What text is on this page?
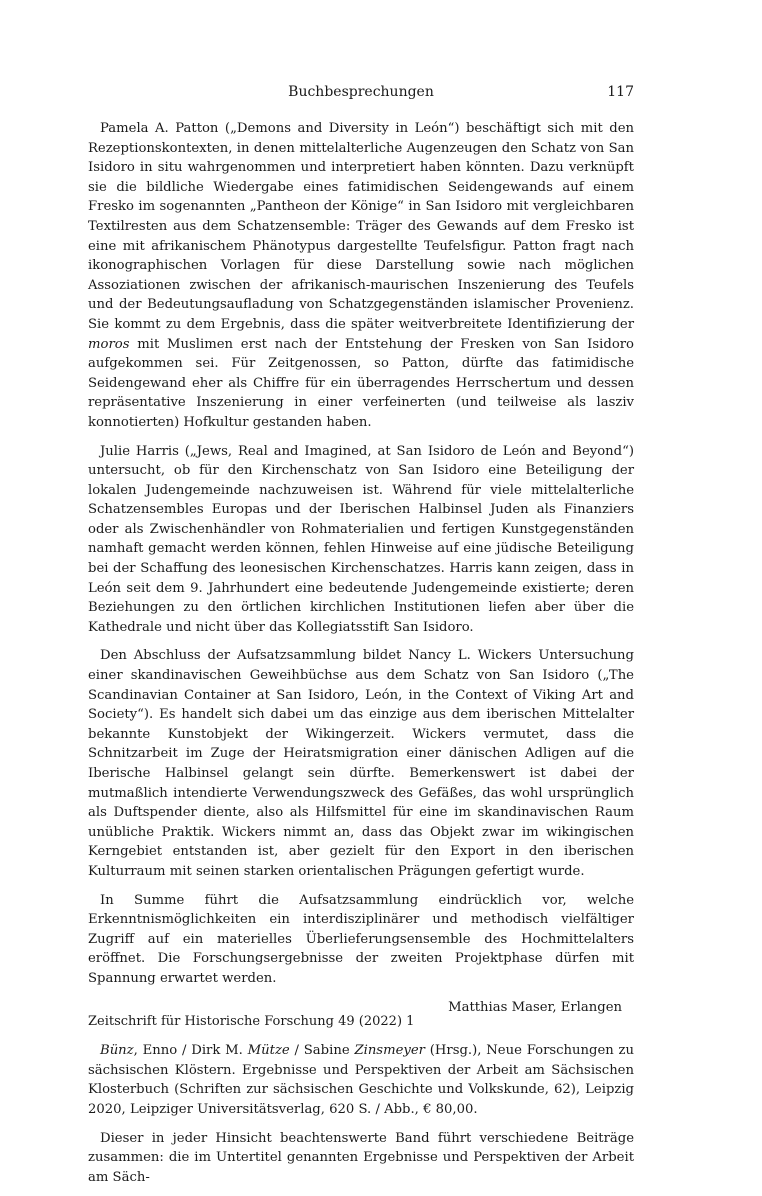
Buchbesprechungen	117

Pamela A. Patton („Demons and Diversity in León“) beschäftigt sich mit den Rezeptionskontexten, in denen mittelalterliche Augenzeugen den Schatz von San Isidoro in situ wahrgenommen und interpretiert haben könnten. Dazu verknüpft sie die bildliche Wiedergabe eines fatimidischen Seidengewands auf einem Fresko im sogenannten „Pantheon der Könige“ in San Isidoro mit vergleichbaren Textilresten aus dem Schatzensemble: Träger des Gewands auf dem Fresko ist eine mit afrikanischem Phänotypus dargestellte Teufelsfigur. Patton fragt nach ikonographischen Vorlagen für diese Darstellung sowie nach möglichen Assoziationen zwischen der afrikanisch-maurischen Inszenierung des Teufels und der Bedeutungsaufladung von Schatzgegenständen islamischer Provenienz. Sie kommt zu dem Ergebnis, dass die später weitverbreitete Identifizierung der moros mit Muslimen erst nach der Entstehung der Fresken von San Isidoro aufgekommen sei. Für Zeitgenossen, so Patton, dürfte das fatimidische Seidengewand eher als Chiffre für ein überragendes Herrschertum und dessen repräsentative Inszenierung in einer verfeinerten (und teilweise als lasziv konnotierten) Hofkultur gestanden haben.

Julie Harris („Jews, Real and Imagined, at San Isidoro de León and Beyond“) untersucht, ob für den Kirchenschatz von San Isidoro eine Beteiligung der lokalen Judengemeinde nachzuweisen ist. Während für viele mittelalterliche Schatzensembles Europas und der Iberischen Halbinsel Juden als Finanziers oder als Zwischenhändler von Rohmaterialien und fertigen Kunstgegenständen namhaft gemacht werden können, fehlen Hinweise auf eine jüdische Beteiligung bei der Schaffung des leonesischen Kirchenschatzes. Harris kann zeigen, dass in León seit dem 9. Jahrhundert eine bedeutende Judengemeinde existierte; deren Beziehungen zu den örtlichen kirchlichen Institutionen liefen aber über die Kathedrale und nicht über das Kollegiatsstift San Isidoro.

Den Abschluss der Aufsatzsammlung bildet Nancy L. Wickers Untersuchung einer skandinavischen Geweihbüchse aus dem Schatz von San Isidoro („The Scandinavian Container at San Isidoro, León, in the Context of Viking Art and Society“). Es handelt sich dabei um das einzige aus dem iberischen Mittelalter bekannte Kunstobjekt der Wikingerzeit. Wickers vermutet, dass die Schnitzarbeit im Zuge der Heiratsmigration einer dänischen Adligen auf die Iberische Halbinsel gelangt sein dürfte. Bemerkenswert ist dabei der mutmaßlich intendierte Verwendungszweck des Gefäßes, das wohl ursprünglich als Duftspender diente, also als Hilfsmittel für eine im skandinavischen Raum unübliche Praktik. Wickers nimmt an, dass das Objekt zwar im wikingischen Kerngebiet entstanden ist, aber gezielt für den Export in den iberischen Kulturraum mit seinen starken orientalischen Prägungen gefertigt wurde.

In Summe führt die Aufsatzsammlung eindrücklich vor, welche Erkenntnismöglichkeiten ein interdisziplinärer und methodisch vielfältiger Zugriff auf ein materielles Überlieferungsensemble des Hochmittelalters eröffnet. Die Forschungsergebnisse der zweiten Projektphase dürfen mit Spannung erwartet werden.

Matthias Maser, Erlangen

Bünz, Enno / Dirk M. Mütze / Sabine Zinsmeyer (Hrsg.), Neue Forschungen zu sächsischen Klöstern. Ergebnisse und Perspektiven der Arbeit am Sächsischen Klosterbuch (Schriften zur sächsischen Geschichte und Volkskunde, 62), Leipzig 2020, Leipziger Universitätsverlag, 620 S. / Abb., € 80,00.

Dieser in jeder Hinsicht beachtenswerte Band führt verschiedene Beiträge zusammen: die im Untertitel genannten Ergebnisse und Perspektiven der Arbeit am Säch-

Zeitschrift für Historische Forschung 49 (2022) 1
